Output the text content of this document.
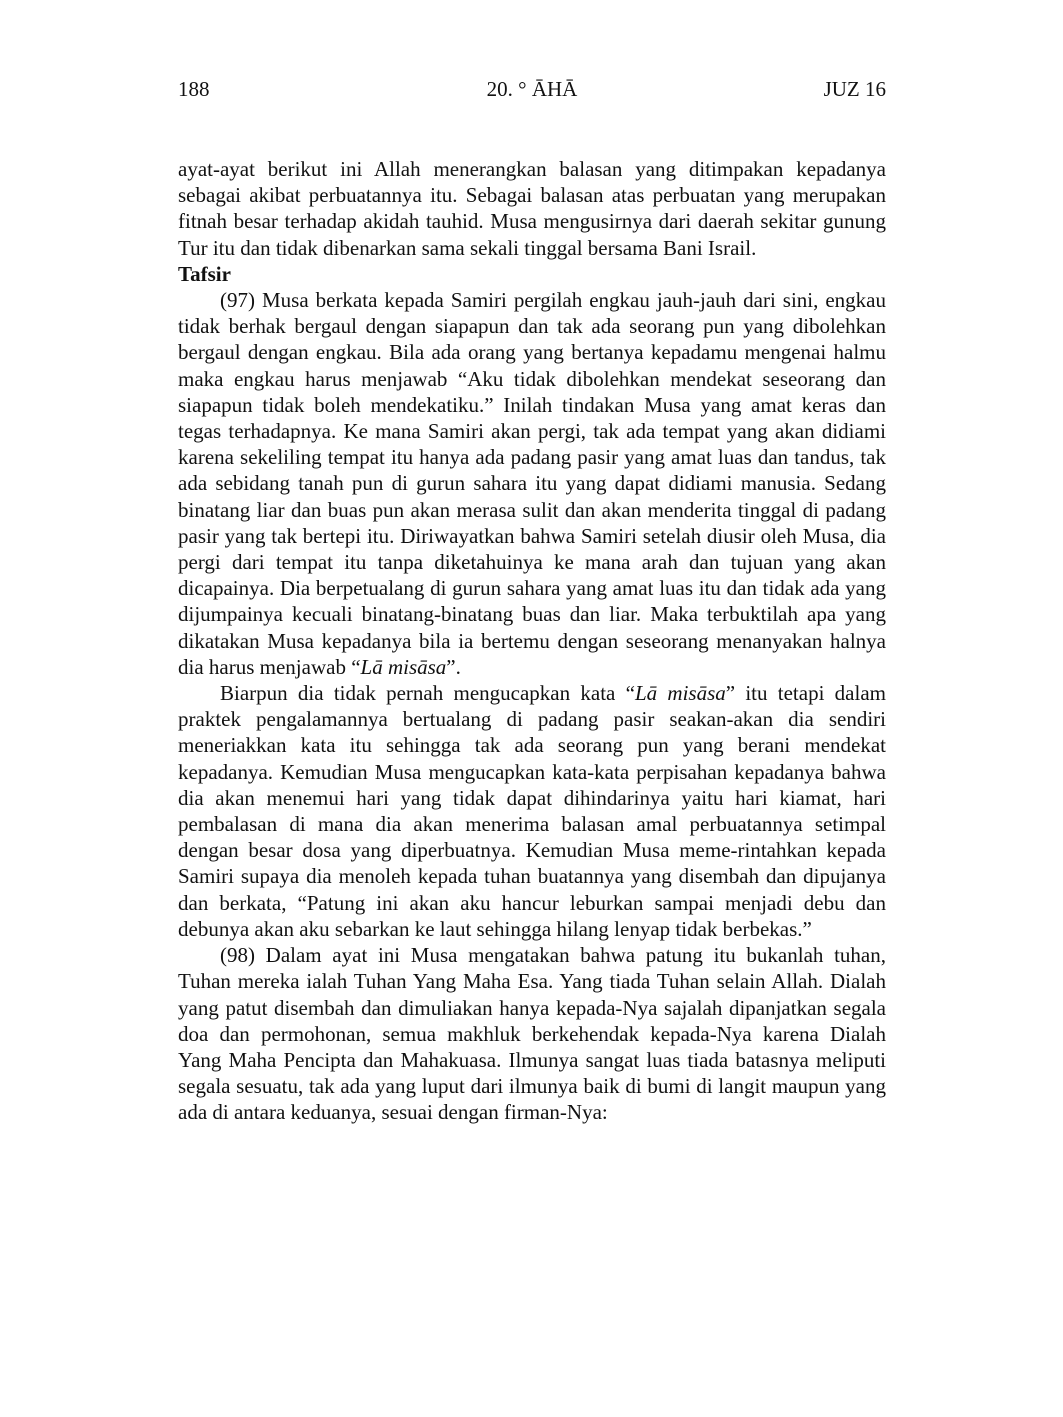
188	20. ° ĀHĀ	JUZ 16

ayat-ayat berikut ini Allah menerangkan balasan yang ditimpakan kepadanya sebagai akibat perbuatannya itu. Sebagai balasan atas perbuatan yang merupakan fitnah besar terhadap akidah tauhid. Musa mengusirnya dari daerah sekitar gunung Tur itu dan tidak dibenarkan sama sekali tinggal bersama Bani Israil.

Tafsir

(97) Musa berkata kepada Samiri pergilah engkau jauh-jauh dari sini, engkau tidak berhak bergaul dengan siapapun dan tak ada seorang pun yang dibolehkan bergaul dengan engkau. Bila ada orang yang bertanya kepadamu mengenai halmu maka engkau harus menjawab “Aku tidak dibolehkan mendekat seseorang dan siapapun tidak boleh mendekatiku.” Inilah tindakan Musa yang amat keras dan tegas terhadapnya. Ke mana Samiri akan pergi, tak ada tempat yang akan didiami karena sekeliling tempat itu hanya ada padang pasir yang amat luas dan tandus, tak ada sebidang tanah pun di gurun sahara itu yang dapat didiami manusia. Sedang binatang liar dan buas pun akan merasa sulit dan akan menderita tinggal di padang pasir yang tak bertepi itu. Diriwayatkan bahwa Samiri setelah diusir oleh Musa, dia pergi dari tempat itu tanpa diketahuinya ke mana arah dan tujuan yang akan dicapainya. Dia berpetualang di gurun sahara yang amat luas itu dan tidak ada yang dijumpainya kecuali binatang-binatang buas dan liar. Maka terbuktilah apa yang dikatakan Musa kepadanya bila ia bertemu dengan seseorang menanyakan halnya dia harus menjawab “Lā misāsa”.

Biarpun dia tidak pernah mengucapkan kata “Lā misāsa” itu tetapi dalam praktek pengalamannya bertualang di padang pasir seakan-akan dia sendiri meneriakkan kata itu sehingga tak ada seorang pun yang berani mendekat kepadanya. Kemudian Musa mengucapkan kata-kata perpisahan kepadanya bahwa dia akan menemui hari yang tidak dapat dihindarinya yaitu hari kiamat, hari pembalasan di mana dia akan menerima balasan amal perbuatannya setimpal dengan besar dosa yang diperbuatnya. Kemudian Musa meme-rintahkan kepada Samiri supaya dia menoleh kepada tuhan buatannya yang disembah dan dipujanya dan berkata, “Patung ini akan aku hancur leburkan sampai menjadi debu dan debunya akan aku sebarkan ke laut sehingga hilang lenyap tidak berbekas.”

(98) Dalam ayat ini Musa mengatakan bahwa patung itu bukanlah tuhan, Tuhan mereka ialah Tuhan Yang Maha Esa. Yang tiada Tuhan selain Allah. Dialah yang patut disembah dan dimuliakan hanya kepada-Nya sajalah dipanjatkan segala doa dan permohonan, semua makhluk berkehendak kepada-Nya karena Dialah Yang Maha Pencipta dan Mahakuasa. Ilmunya sangat luas tiada batasnya meliputi segala sesuatu, tak ada yang luput dari ilmunya baik di bumi di langit maupun yang ada di antara keduanya, sesuai dengan firman-Nya:
